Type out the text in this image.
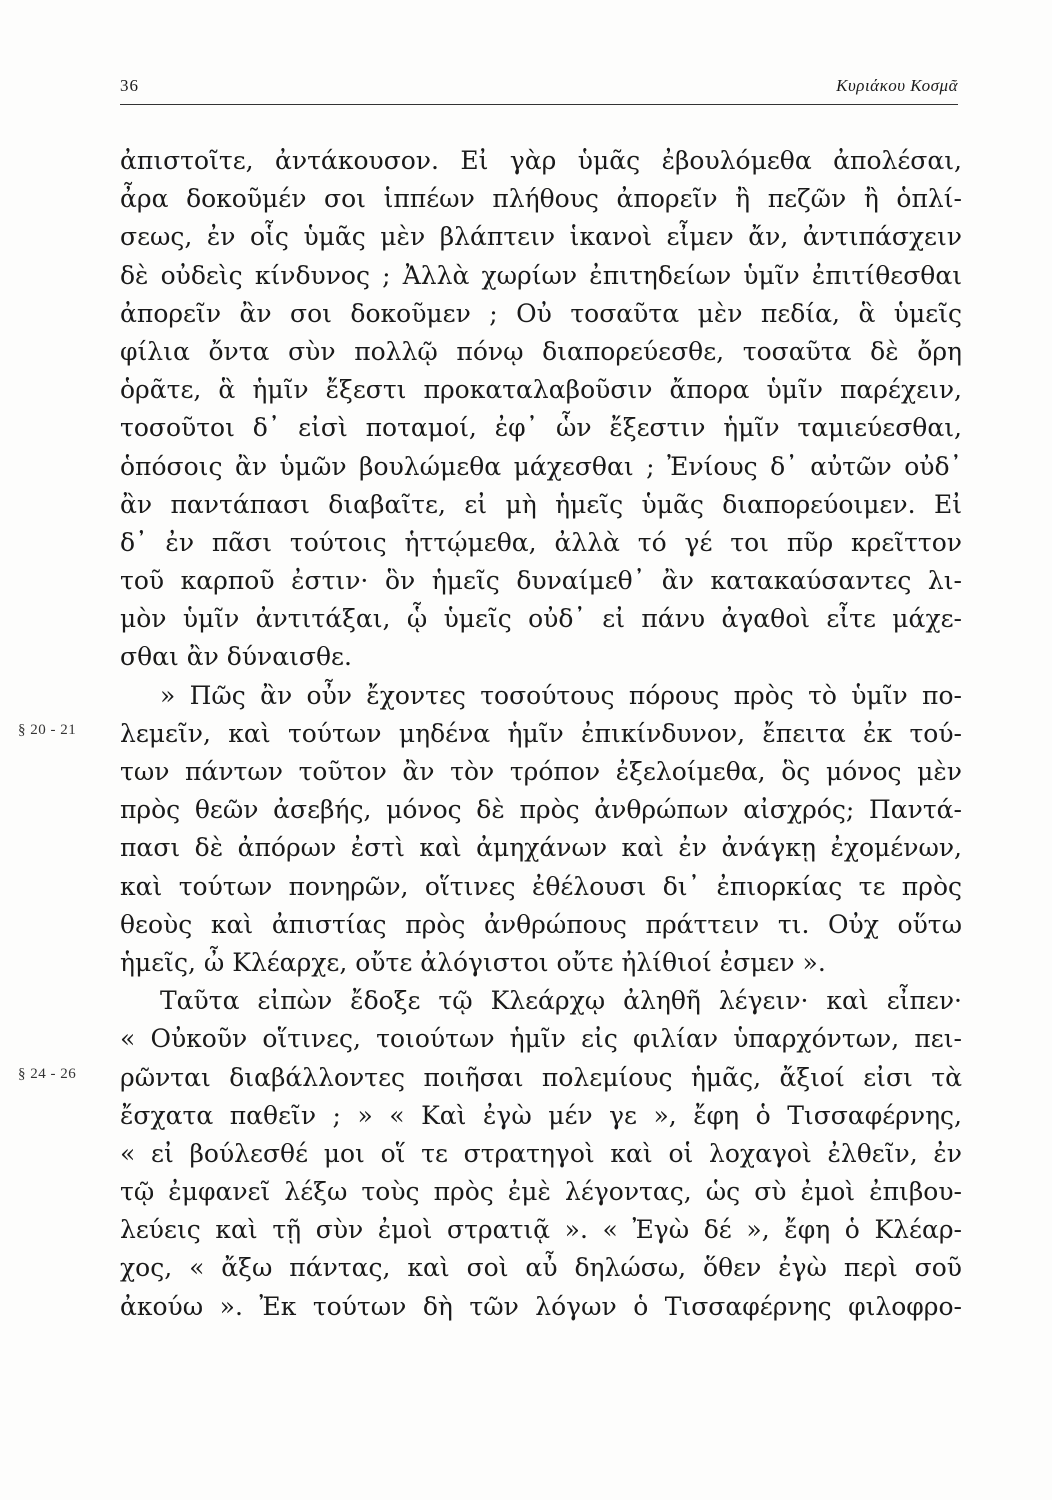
36	Κυριάκου Κοσμᾶ
§ 20 - 21
§ 24 - 26
ἀπιστοῖτε, ἀντάκουσον. Εἰ γὰρ ὑμᾶς ἐβουλόμεθα ἀπολέσαι,
ἆρα δοκοῦμέν σοι ἱππέων πλήθους ἀπορεῖν ἢ πεζῶν ἢ ὁπλί-
σεως, ἐν οἷς ὑμᾶς μὲν βλάπτειν ἱκανοὶ εἶμεν ἄν, ἀντιπάσχειν
δὲ οὐδεὶς κίνδυνος ; Ἀλλὰ χωρίων ἐπιτηδείων ὑμῖν ἐπιτίθεσθαι
ἀπορεῖν ἂν σοι δοκοῦμεν ; Οὐ τοσαῦτα μὲν πεδία, ἃ ὑμεῖς
φίλια ὄντα σὺν πολλῷ πόνῳ διαπορεύεσθε, τοσαῦτα δὲ ὄρη
ὁρᾶτε, ἃ ἡμῖν ἔξεστι προκαταλαβοῦσιν ἄπορα ὑμῖν παρέχειν,
τοσοῦτοι δ᾽ εἰσὶ ποταμοί, ἐφ᾽ ὧν ἔξεστιν ἡμῖν ταμιεύεσθαι,
ὁπόσοις ἂν ὑμῶν βουλώμεθα μάχεσθαι ; Ἐνίους δ᾽ αὐτῶν οὐδ᾽
ἂν παντάπασι διαβαῖτε, εἰ μὴ ἡμεῖς ὑμᾶς διαπορεύοιμεν. Εἰ
δ᾽ ἐν πᾶσι τούτοις ἡττῴμεθα, ἀλλὰ τό γέ τοι πῦρ κρεῖττον
τοῦ καρποῦ ἐστιν· ὃν ἡμεῖς δυναίμεθ᾽ ἂν κατακαύσαντες λι-
μὸν ὑμῖν ἀντιτάξαι, ᾧ ὑμεῖς οὐδ᾽ εἰ πάνυ ἀγαθοὶ εἶτε μάχε-
σθαι ἂν δύναισθε.
» Πῶς ἂν οὖν ἔχοντες τοσούτους πόρους πρὸς τὸ ὑμῖν πο-
λεμεῖν, καὶ τούτων μηδένα ἡμῖν ἐπικίνδυνον, ἔπειτα ἐκ τού-
των πάντων τοῦτον ἂν τὸν τρόπον ἐξελοίμεθα, ὃς μόνος μὲν
πρὸς θεῶν ἀσεβής, μόνος δὲ πρὸς ἀνθρώπων αἰσχρός; Παντά-
πασι δὲ ἀπόρων ἐστὶ καὶ ἀμηχάνων καὶ ἐν ἀνάγκῃ ἐχομένων,
καὶ τούτων πονηρῶν, οἵτινες ἐθέλουσι δι᾽ ἐπιορκίας τε πρὸς
θεοὺς καὶ ἀπιστίας πρὸς ἀνθρώπους πράττειν τι. Οὐχ οὕτω
ἡμεῖς, ὦ Κλέαρχε, οὔτε ἀλόγιστοι οὔτε ἠλίθιοί ἐσμεν ».
Ταῦτα εἰπὼν ἔδοξε τῷ Κλεάρχῳ ἀληθῆ λέγειν· καὶ εἶπεν·
« Οὐκοῦν οἵτινες, τοιούτων ἡμῖν εἰς φιλίαν ὑπαρχόντων, πει-
ρῶνται διαβάλλοντες ποιῆσαι πολεμίους ἡμᾶς, ἄξιοί εἰσι τὰ
ἔσχατα παθεῖν ; » « Καὶ ἐγὼ μέν γε », ἔφη ὁ Τισσαφέρνης,
« εἰ βούλεσθέ μοι οἵ τε στρατηγοὶ καὶ οἱ λοχαγοὶ ἐλθεῖν, ἐν
τῷ ἐμφανεῖ λέξω τοὺς πρὸς ἐμὲ λέγοντας, ὡς σὺ ἐμοὶ ἐπιβου-
λεύεις καὶ τῇ σὺν ἐμοὶ στρατιᾷ ». « Ἐγὼ δέ », ἔφη ὁ Κλέαρ-
χος, « ἄξω πάντας, καὶ σοὶ αὖ δηλώσω, ὅθεν ἐγὼ περὶ σοῦ
ἀκούω ». Ἐκ τούτων δὴ τῶν λόγων ὁ Τισσαφέρνης φιλοφρο-
